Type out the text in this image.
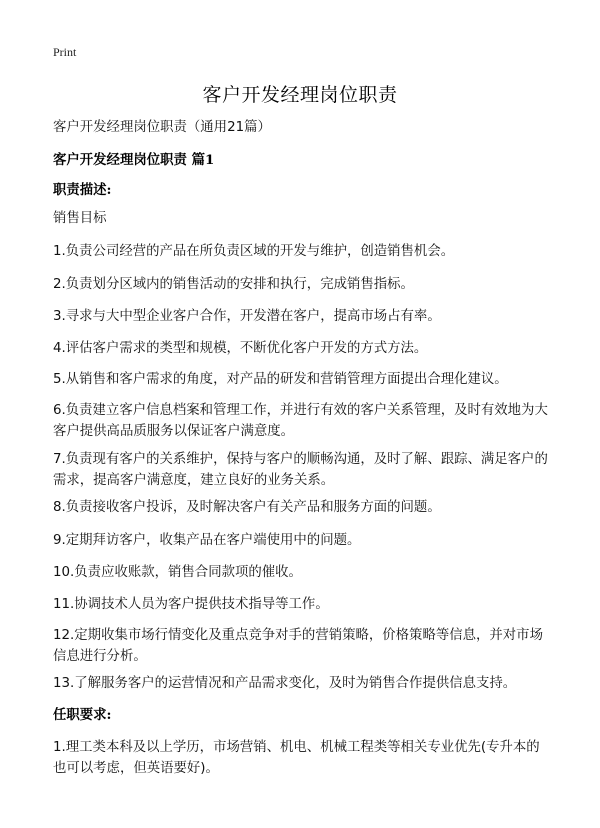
Print
客户开发经理岗位职责
客户开发经理岗位职责（通用21篇）
客户开发经理岗位职责 篇1
职责描述:
销售目标
1.负责公司经营的产品在所负责区域的开发与维护，创造销售机会。
2.负责划分区域内的销售活动的安排和执行，完成销售指标。
3.寻求与大中型企业客户合作，开发潜在客户，提高市场占有率。
4.评估客户需求的类型和规模，不断优化客户开发的方式方法。
5.从销售和客户需求的角度，对产品的研发和营销管理方面提出合理化建议。
6.负责建立客户信息档案和管理工作，并进行有效的客户关系管理，及时有效地为大客户提供高品质服务以保证客户满意度。
7.负责现有客户的关系维护，保持与客户的顺畅沟通，及时了解、跟踪、满足客户的需求，提高客户满意度，建立良好的业务关系。
8.负责接收客户投诉，及时解决客户有关产品和服务方面的问题。
9.定期拜访客户，收集产品在客户端使用中的问题。
10.负责应收账款，销售合同款项的催收。
11.协调技术人员为客户提供技术指导等工作。
12.定期收集市场行情变化及重点竞争对手的营销策略，价格策略等信息，并对市场信息进行分析。
13.了解服务客户的运营情况和产品需求变化，及时为销售合作提供信息支持。
任职要求:
1.理工类本科及以上学历，市场营销、机电、机械工程类等相关专业优先(专升本的也可以考虑，但英语要好)。
